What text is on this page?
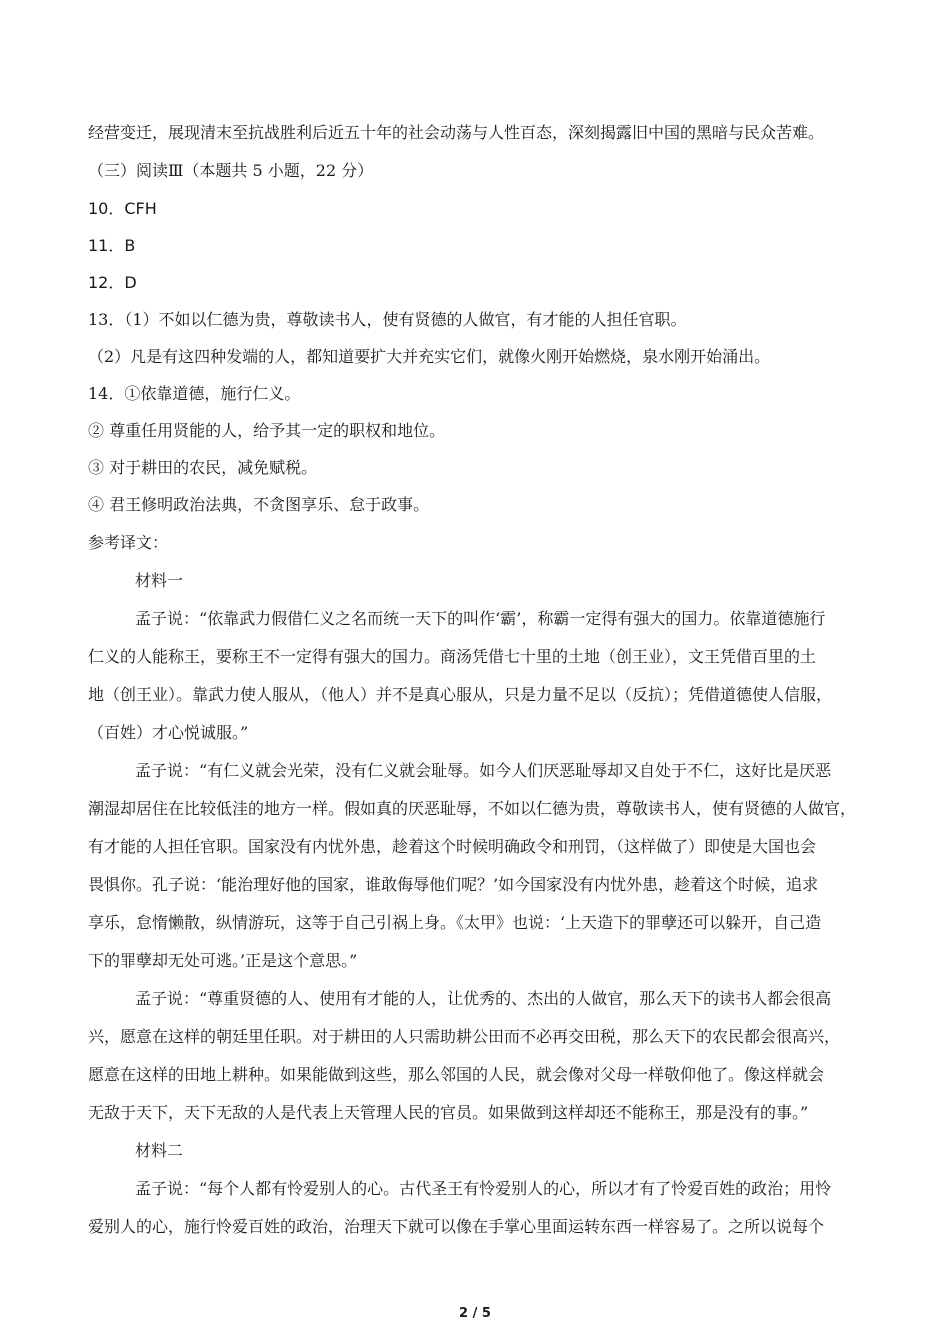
经营变迁，展现清末至抗战胜利后近五十年的社会动荡与人性百态，深刻揭露旧中国的黑暗与民众苦难。
（三）阅读Ⅲ（本题共 5 小题，22 分）
10．CFH
11．B
12．D
13．（1）不如以仁德为贵，尊敬读书人，使有贤德的人做官，有才能的人担任官职。
（2）凡是有这四种发端的人，都知道要扩大并充实它们，就像火刚开始燃烧，泉水刚开始涌出。
14．①依靠道德，施行仁义。
② 尊重任用贤能的人，给予其一定的职权和地位。
③ 对于耕田的农民，减免赋税。
④ 君王修明政治法典，不贪图享乐、怠于政事。
参考译文：
材料一
孟子说：“依靠武力假借仁义之名而统一天下的叫作‘霸’，称霸一定得有强大的国力。依靠道德施行
仁义的人能称王，要称王不一定得有强大的国力。商汤凭借七十里的土地（创王业），文王凭借百里的土
地（创王业）。靠武力使人服从，（他人）并不是真心服从，只是力量不足以（反抗）；凭借道德使人信服，
（百姓）才心悦诚服。”
孟子说：“有仁义就会光荣，没有仁义就会耻辱。如今人们厌恶耻辱却又自处于不仁，这好比是厌恶
潮湿却居住在比较低洼的地方一样。假如真的厌恶耻辱，不如以仁德为贵，尊敬读书人，使有贤德的人做官，
有才能的人担任官职。国家没有内忧外患，趁着这个时候明确政令和刑罚，（这样做了）即使是大国也会
畏惧你。孔子说：‘能治理好他的国家，谁敢侮辱他们呢？’如今国家没有内忧外患，趁着这个时候，追求
享乐，怠惰懒散，纵情游玩，这等于自己引祸上身。《太甲》也说：‘上天造下的罪孽还可以躲开，自己造
下的罪孽却无处可逃。’正是这个意思。”
孟子说：“尊重贤德的人、使用有才能的人，让优秀的、杰出的人做官，那么天下的读书人都会很高
兴，愿意在这样的朝廷里任职。对于耕田的人只需助耕公田而不必再交田税，那么天下的农民都会很高兴，
愿意在这样的田地上耕种。如果能做到这些，那么邻国的人民，就会像对父母一样敬仰他了。像这样就会
无敌于天下，天下无敌的人是代表上天管理人民的官员。如果做到这样却还不能称王，那是没有的事。”
材料二
孟子说：“每个人都有怜爱别人的心。古代圣王有怜爱别人的心，所以才有了怜爱百姓的政治；用怜
爱别人的心，施行怜爱百姓的政治，治理天下就可以像在手掌心里面运转东西一样容易了。之所以说每个
2 / 5
